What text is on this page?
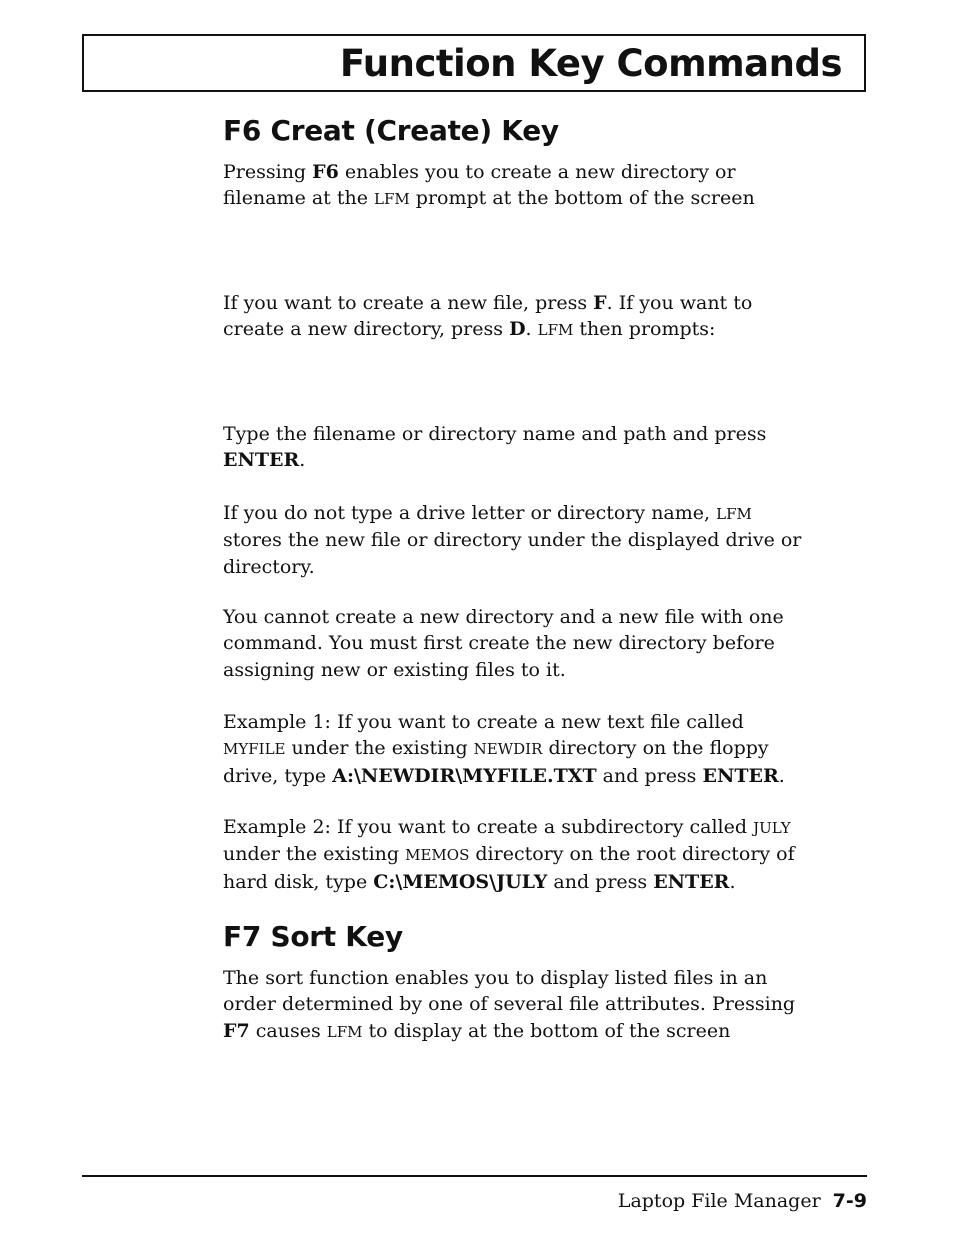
Function Key Commands
F6 Creat (Create) Key

Pressing F6 enables you to create a new directory or
filename at the LFM prompt at the bottom of the screen

If you want to create a new file, press F. If you want to
create a new directory, press D. LFM then prompts:

Type the filename or directory name and path and press
ENTER.

If you do not type a drive letter or directory name, LFM
stores the new file or directory under the displayed drive or
directory.

You cannot create a new directory and a new file with one
command. You must first create the new directory before
assigning new or existing files to it.

Example 1: If you want to create a new text file called
MYFILE under the existing NEWDIR directory on the floppy
drive, type A:\NEWDIR\MYFILE.TXT and press ENTER.

Example 2: If you want to create a subdirectory called JULY
under the existing MEMOS directory on the root directory of
hard disk, type C:\MEMOS\JULY and press ENTER.

F7 Sort Key

The sort function enables you to display listed files in an
order determined by one of several file attributes. Pressing
F7 causes LFM to display at the bottom of the screen

Laptop File Manager 7-9
